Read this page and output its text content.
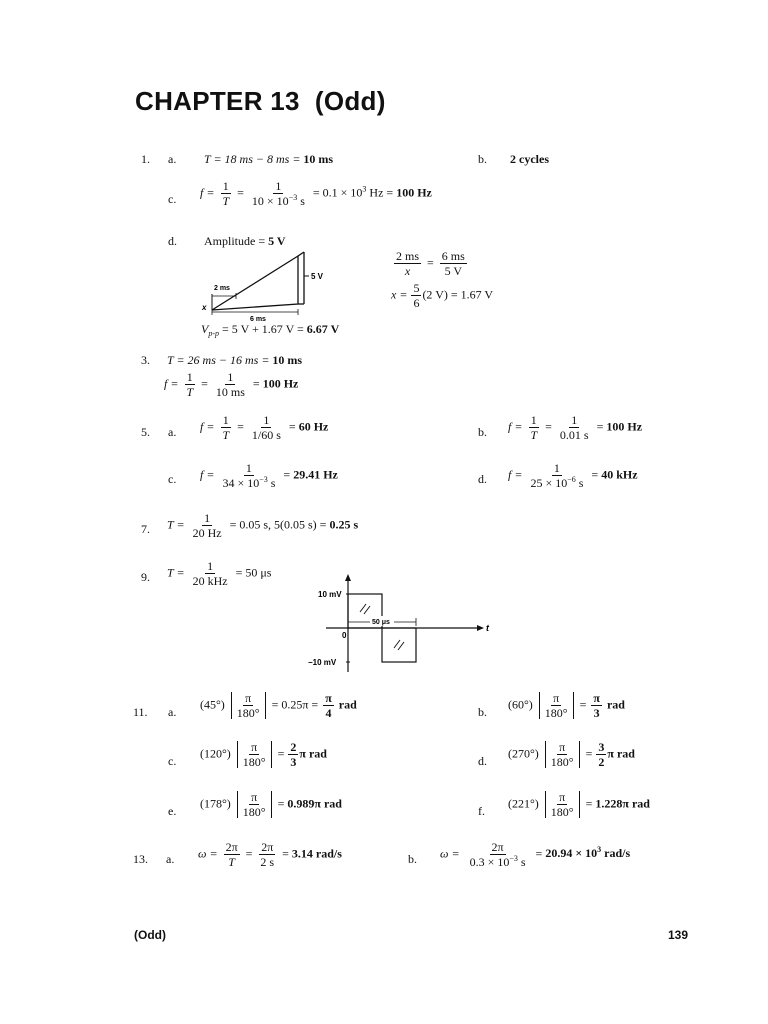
CHAPTER 13  (Odd)
1. a. T = 18 ms − 8 ms = 10 ms	b. 2 cycles
c. $f = \frac{1}{T} = \frac{1}{10 \times 10^{-3} s} = 0.1 \times 10^3$ Hz = 100 Hz
d. Amplitude = 5 V
5 V
2 ms
x
6 ms
$\frac{2 ms}{x} = \frac{6 ms}{5 V}$
$x = \frac{5}{6} (2$ V) = 1.67 V
$V_{p-p} = 5$ V + 1.67 V = 6.67 V
3. T = 26 ms − 16 ms = 10 ms
$f = \frac{1}{T} = \frac{1}{10 ms} = 100$ Hz
5. a. $f = \frac{1}{T} = \frac{1}{1/60 s} = 60$ Hz	b. $f = \frac{1}{T} = \frac{1}{0.01 s} = 100$ Hz
c. $f = \frac{1}{34 \times 10^{-3} s} = 29.41$ Hz	d. $f = \frac{1}{25 \times 10^{-6} s} = 40$ kHz
7. $T = \frac{1}{20 Hz} = 0.05$ s, 5(0.05 s) = 0.25 s
9. $T = \frac{1}{\text{20 kHz}} = 50$ μs
t
10 mV
−10 mV
0
50 μs
11. a.
$(45^\circ) \frac{\pi}{180^\circ} = 0.25\pi = \frac{\pi}{4}$ rad
b.
$(60^\circ) \frac{\pi}{180^\circ} = \frac{\pi}{3}$ rad
c.
$(120^\circ) \frac{\pi}{180^\circ} = \frac{2}{3}$ π rad
d.
$(270^\circ) \frac{\pi}{180^\circ} = \frac{3}{2}$ π rad
e.
$(178^\circ) \frac{\pi}{180^\circ} = 0.989\pi$ rad
f.
$(221^\circ) \frac{\pi}{180^\circ} = 1.228\pi$ rad
13. a. $\omega = \frac{2\pi}{T} = \frac{2\pi}{2 s} = 3.14$ rad/s	b. $\omega = \frac{2\pi}{0.3 \times 10^{-3} s} = 20.94 \times 10^3$ rad/s
(Odd)	139
